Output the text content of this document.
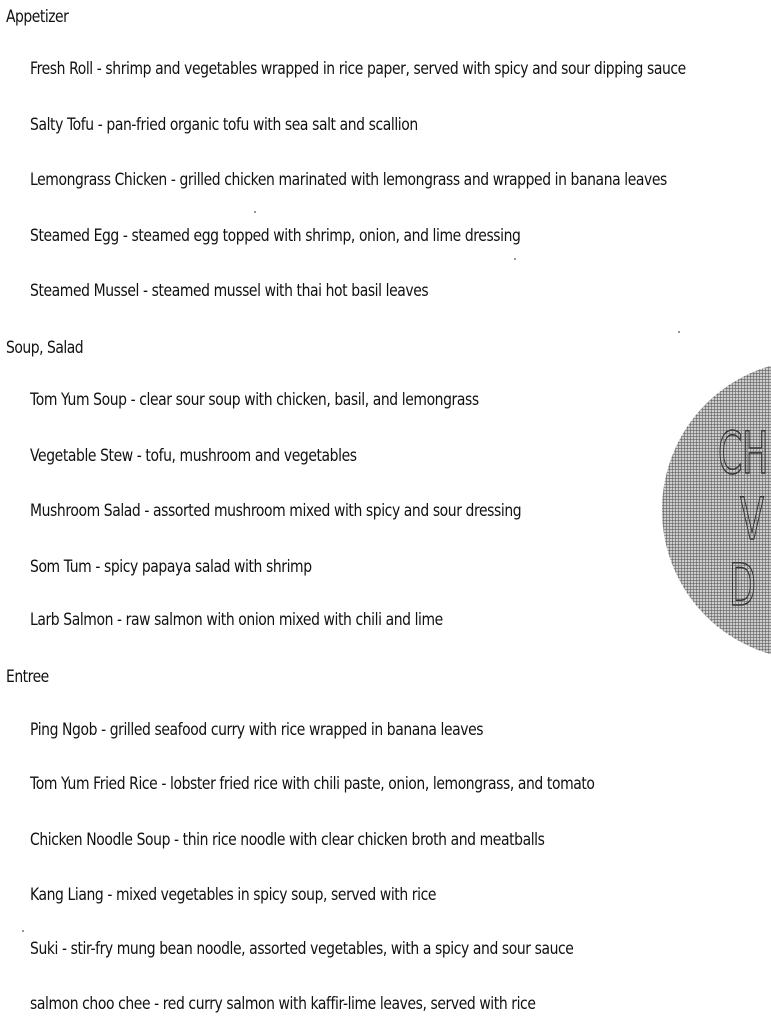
Appetizer
Fresh Roll - shrimp and vegetables wrapped in rice paper, served with spicy and sour dipping sauce
Salty Tofu - pan-fried organic tofu with sea salt and scallion
Lemongrass Chicken - grilled chicken marinated with lemongrass and wrapped in banana leaves
Steamed Egg - steamed egg topped with shrimp, onion, and lime dressing
Steamed Mussel - steamed mussel with thai hot basil leaves
Soup, Salad
Tom Yum Soup - clear sour soup with chicken, basil, and lemongrass
Vegetable Stew - tofu, mushroom and vegetables
Mushroom Salad - assorted mushroom mixed with spicy and sour dressing
Som Tum - spicy papaya salad with shrimp
Larb Salmon - raw salmon with onion mixed with chili and lime
Entree
Ping Ngob - grilled seafood curry with rice wrapped in banana leaves
Tom Yum Fried Rice - lobster fried rice with chili paste, onion, lemongrass, and tomato
Chicken Noodle Soup - thin rice noodle with clear chicken broth and meatballs
Kang Liang - mixed vegetables in spicy soup, served with rice
Suki - stir-fry mung bean noodle, assorted vegetables, with a spicy and sour sauce
salmon choo chee - red curry salmon with kaffir-lime leaves, served with rice
CH
V
D
